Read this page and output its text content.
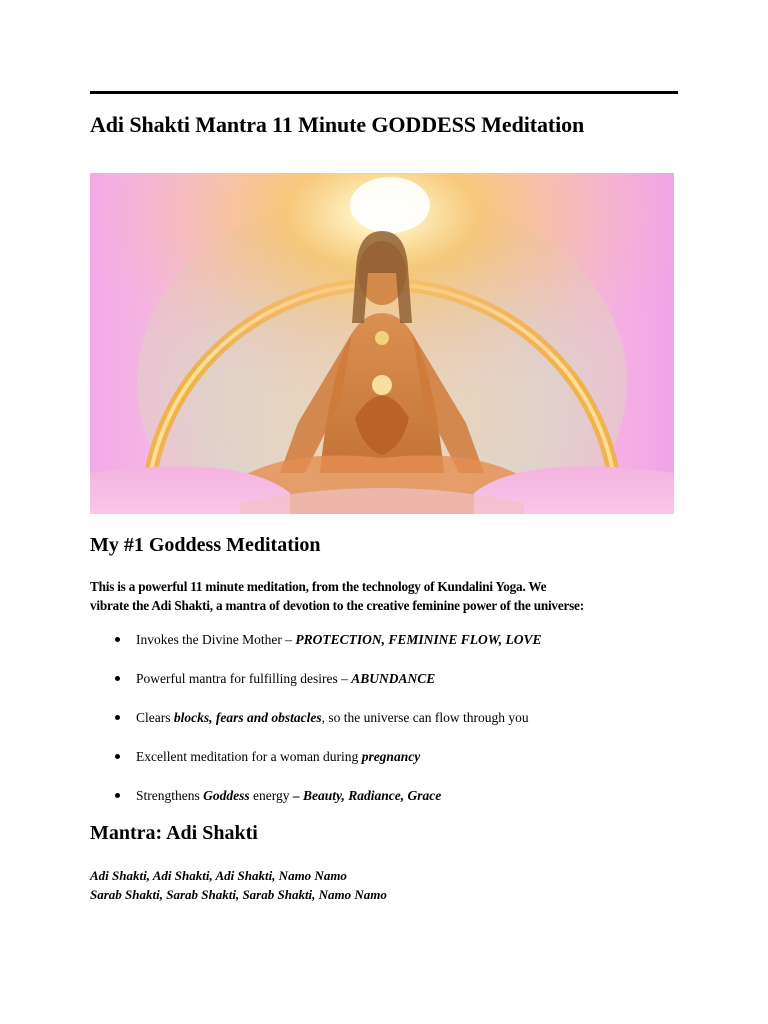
Adi Shakti Mantra 11 Minute GODDESS Meditation
My #1 Goddess Meditation

This is a powerful 11 minute meditation, from the technology of Kundalini Yoga. We
vibrate the Adi Shakti, a mantra of devotion to the creative feminine power of the universe:

Invokes the Divine Mother – PROTECTION, FEMININE FLOW, LOVE
Powerful mantra for fulfilling desires – ABUNDANCE
Clears blocks, fears and obstacles, so the universe can flow through you
Excellent meditation for a woman during pregnancy
Strengthens Goddess energy – Beauty, Radiance, Grace
Mantra: Adi Shakti

Adi Shakti, Adi Shakti, Adi Shakti, Namo Namo
Sarab Shakti, Sarab Shakti, Sarab Shakti, Namo Namo
